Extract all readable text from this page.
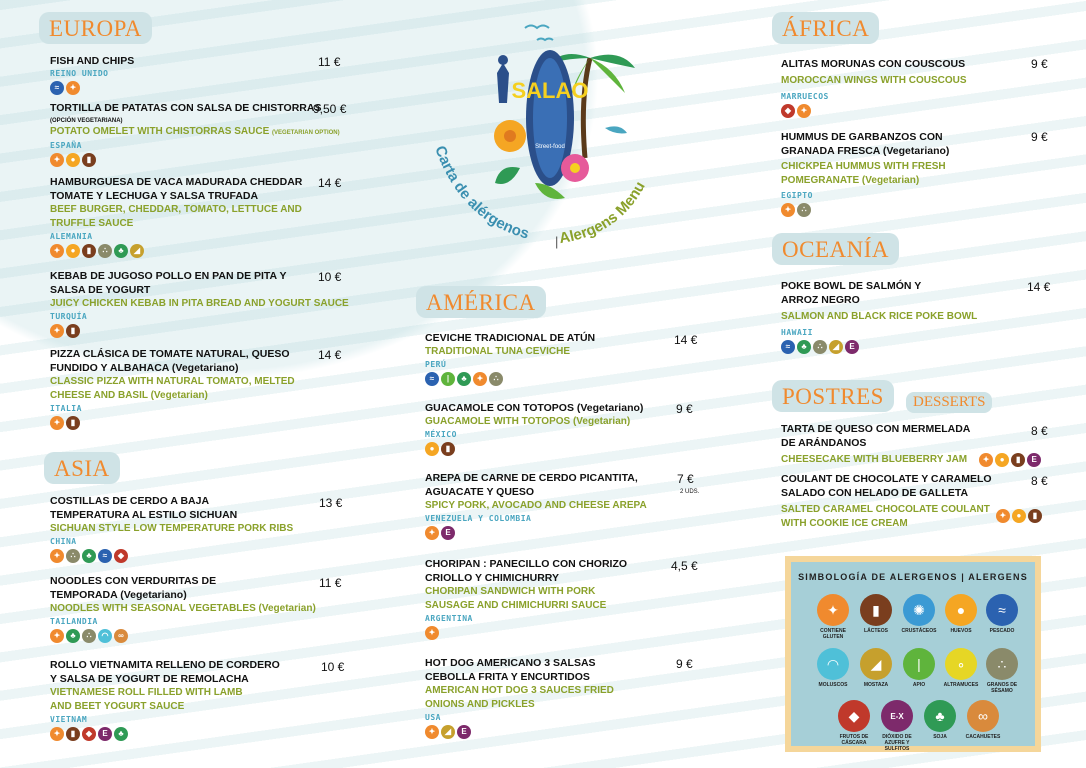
SALAO
Street-food
Carta de alérgenos | Alergens Menu
EUROPA
FISH AND CHIPS
REINO UNIDO
≈	✦
11 €
TORTILLA DE PATATAS CON SALSA DE CHISTORRAS
(OPCIÓN VEGETARIANA)
POTATO OMELET WITH CHISTORRAS SAUCE (VEGETARIAN OPTION)
ESPAÑA
✦	●	▮
9,50 €
HAMBURGUESA DE VACA MADURADA CHEDDAR
TOMATE Y LECHUGA Y SALSA TRUFADA
BEEF BURGER, CHEDDAR, TOMATO, LETTUCE AND
TRUFFLE SAUCE
ALEMANIA
✦	●	▮	∴	♣	◢
14 €
KEBAB DE JUGOSO POLLO EN PAN DE PITA Y
SALSA DE YOGURT
JUICY CHICKEN KEBAB IN PITA BREAD AND YOGURT SAUCE
TURQUÍA
✦	▮
10 €
PIZZA CLÁSICA DE TOMATE NATURAL, QUESO
FUNDIDO Y ALBAHACA (Vegetariano)
CLASSIC PIZZA WITH NATURAL TOMATO, MELTED
CHEESE AND BASIL (Vegetarian)
ITALIA
✦	▮
14 €
ASIA
COSTILLAS DE CERDO A BAJA
TEMPERATURA AL ESTILO SICHUAN
SICHUAN STYLE LOW TEMPERATURE PORK RIBS
CHINA
✦	∴	♣	≈	◆
13 €
NOODLES CON VERDURITAS DE
TEMPORADA (Vegetariano)
NOODLES WITH SEASONAL VEGETABLES (Vegetarian)
TAILANDIA
✦	♣	∴	◠	∞
11 €
ROLLO VIETNAMITA RELLENO DE CORDERO
Y SALSA DE YOGURT DE REMOLACHA
VIETNAMESE ROLL FILLED WITH LAMB
AND BEET YOGURT SAUCE
VIETNAM
✦	▮	◆	E	♣
10 €
AMÉRICA
CEVICHE TRADICIONAL DE ATÚN
TRADITIONAL TUNA CEVICHE
PERÚ
≈	|	♣	✦	∴
14 €
GUACAMOLE CON TOTOPOS (Vegetariano)
GUACAMOLE WITH TOTOPOS (Vegetarian)
MÉXICO
●	▮
9 €
AREPA DE CARNE DE CERDO PICANTITA,
AGUACATE Y QUESO
SPICY PORK, AVOCADO AND CHEESE AREPA
VENEZUELA Y COLOMBIA
✦	E
7 €
2 UDS.
CHORIPAN : PANECILLO CON CHORIZO
CRIOLLO Y CHIMICHURRY
CHORIPAN SANDWICH WITH PORK
SAUSAGE AND CHIMICHURRI SAUCE
ARGENTINA
✦
4,5 €
HOT DOG AMERICANO 3 SALSAS
CEBOLLA FRITA Y ENCURTIDOS
AMERICAN HOT DOG 3 SAUCES FRIED
ONIONS AND PICKLES
USA
✦	◢	E
9 €
ÁFRICA
ALITAS MORUNAS CON COUSCOUS
MOROCCAN WINGS WITH COUSCOUS
MARRUECOS
◆	✦
9 €
HUMMUS DE GARBANZOS CON
GRANADA FRESCA (Vegetariano)
CHICKPEA HUMMUS WITH FRESH
POMEGRANATE (Vegetarian)
EGIPTO
✦	∴
9 €
OCEANÍA
POKE BOWL DE SALMÓN Y
ARROZ NEGRO
SALMON AND BLACK RICE POKE BOWL
HAWAII
≈	♣	∴	◢	E
14 €
POSTRES	DESSERTS
TARTA DE QUESO CON MERMELADA
DE ARÁNDANOS
CHEESECAKE WITH BLUEBERRY JAM	✦	●	▮	E
8 €
COULANT DE CHOCOLATE Y CARAMELO
SALADO CON HELADO DE GALLETA
SALTED CARAMEL CHOCOLATE COULANT
WITH COOKIE ICE CREAM
✦	●	▮
8 €
SIMBOLOGÍA DE ALERGENOS | ALERGENS
✦
CONTIENE GLUTEN
▮
LÁCTEOS
✺
CRUSTÁCEOS
●
HUEVOS
≈
PESCADO
◠
MOLUSCOS
◢
MOSTAZA
|
APIO
∘
ALTRAMUCES
∴
GRANOS DE SÉSAMO
◆
FRUTOS DE CÁSCARA
E-X
DIÓXIDO DE AZUFRE Y SULFITOS
♣
SOJA
∞
CACAHUETES
